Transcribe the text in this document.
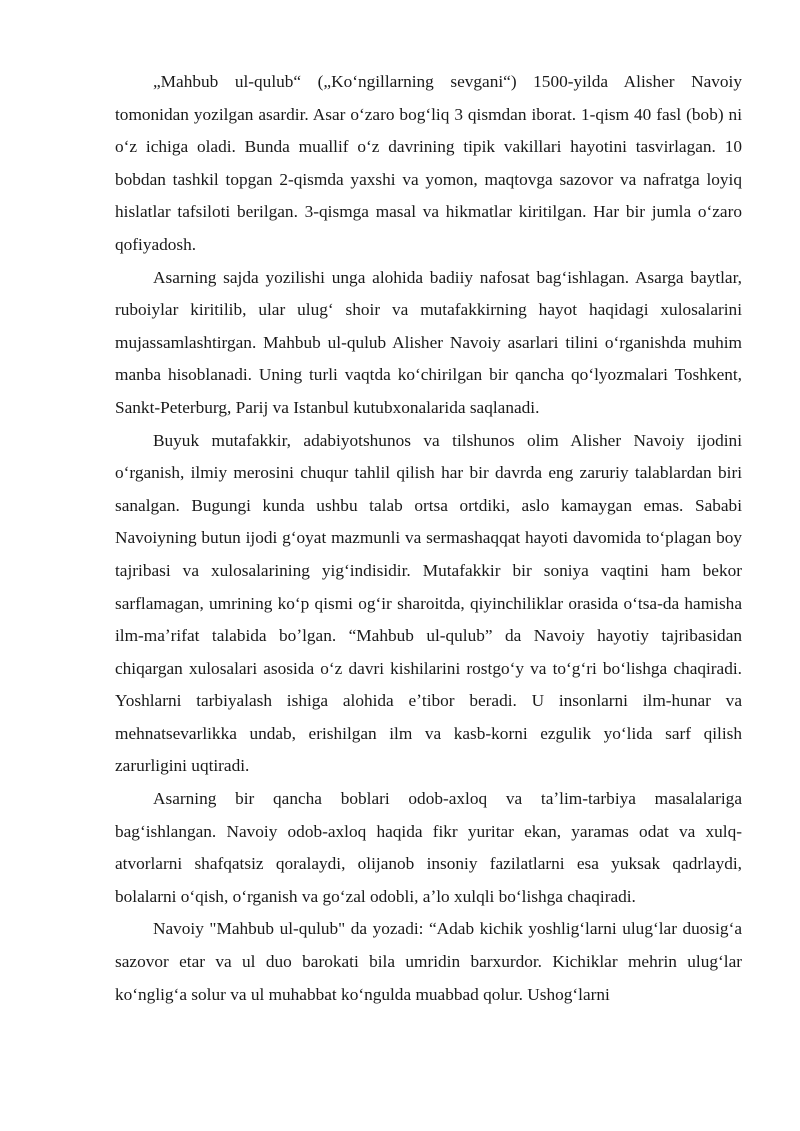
„Mahbub ul-qulub“ („Koʻngillarning sevgani“) 1500-yilda Alisher Navoiy tomonidan yozilgan asardir. Asar oʻzaro bogʻliq 3 qismdan iborat. 1-qism 40 fasl (bob) ni oʻz ichiga oladi. Bunda muallif oʻz davrining tipik vakillari hayotini tasvirlagan. 10 bobdan tashkil topgan 2-qismda yaxshi va yomon, maqtovga sazovor va nafratga loyiq hislatlar tafsiloti berilgan. 3-qismga masal va hikmatlar kiritilgan. Har bir jumla oʻzaro qofiyadosh.

Asarning sajda yozilishi unga alohida badiiy nafosat bagʻishlagan. Asarga baytlar, ruboiylar kiritilib, ular ulugʻ shoir va mutafakkirning hayot haqidagi xulosalarini mujassamlashtirgan. Mahbub ul-qulub Alisher Navoiy asarlari tilini oʻrganishda muhim manba hisoblanadi. Uning turli vaqtda koʻchirilgan bir qancha qoʻlyozmalari Toshkent, Sankt-Peterburg, Parij va Istanbul kutubxonalarida saqlanadi.

Buyuk mutafakkir, adabiyotshunos va tilshunos olim Alisher Navoiy ijodini oʻrganish, ilmiy merosini chuqur tahlil qilish har bir davrda eng zaruriy talablardan biri sanalgan. Bugungi kunda ushbu talab ortsa ortdiki, aslo kamaygan emas. Sababi Navoiyning butun ijodi gʻoyat mazmunli va sermashaqqat hayoti davomida toʻplagan boy tajribasi va xulosalarining yigʻindisidir. Mutafakkir bir soniya vaqtini ham bekor sarflamagan, umrining koʻp qismi ogʻir sharoitda, qiyinchiliklar orasida oʻtsa-da hamisha ilm-maʼrifat talabida boʼlgan. “Mahbub ul-qulub” da Navoiy hayotiy tajribasidan chiqargan xulosalari asosida oʻz davri kishilarini rostgoʻy va toʻgʻri boʻlishga chaqiradi. Yoshlarni tarbiyalash ishiga alohida eʼtibor beradi. U insonlarni ilm-hunar va mehnatsevarlikka undab, erishilgan ilm va kasb-korni ezgulik yoʻlida sarf qilish zarurligini uqtiradi.

Asarning bir qancha boblari odob-axloq va taʼlim-tarbiya masalalariga bagʻishlangan. Navoiy odob-axloq haqida fikr yuritar ekan, yaramas odat va xulq-atvorlarni shafqatsiz qoralaydi, olijanob insoniy fazilatlarni esa yuksak qadrlaydi, bolalarni oʻqish, oʻrganish va goʻzal odobli, aʼlo xulqli boʻlishga chaqiradi.

Navoiy "Mahbub ul-qulub" da yozadi: “Adab kichik yoshligʻlarni ulugʻlar duosigʻa sazovor etar va ul duo barokati bila umridin barxurdor. Kichiklar mehrin ulugʻlar koʻngligʻa solur va ul muhabbat koʻngulda muabbad qolur. Ushogʻlarni
